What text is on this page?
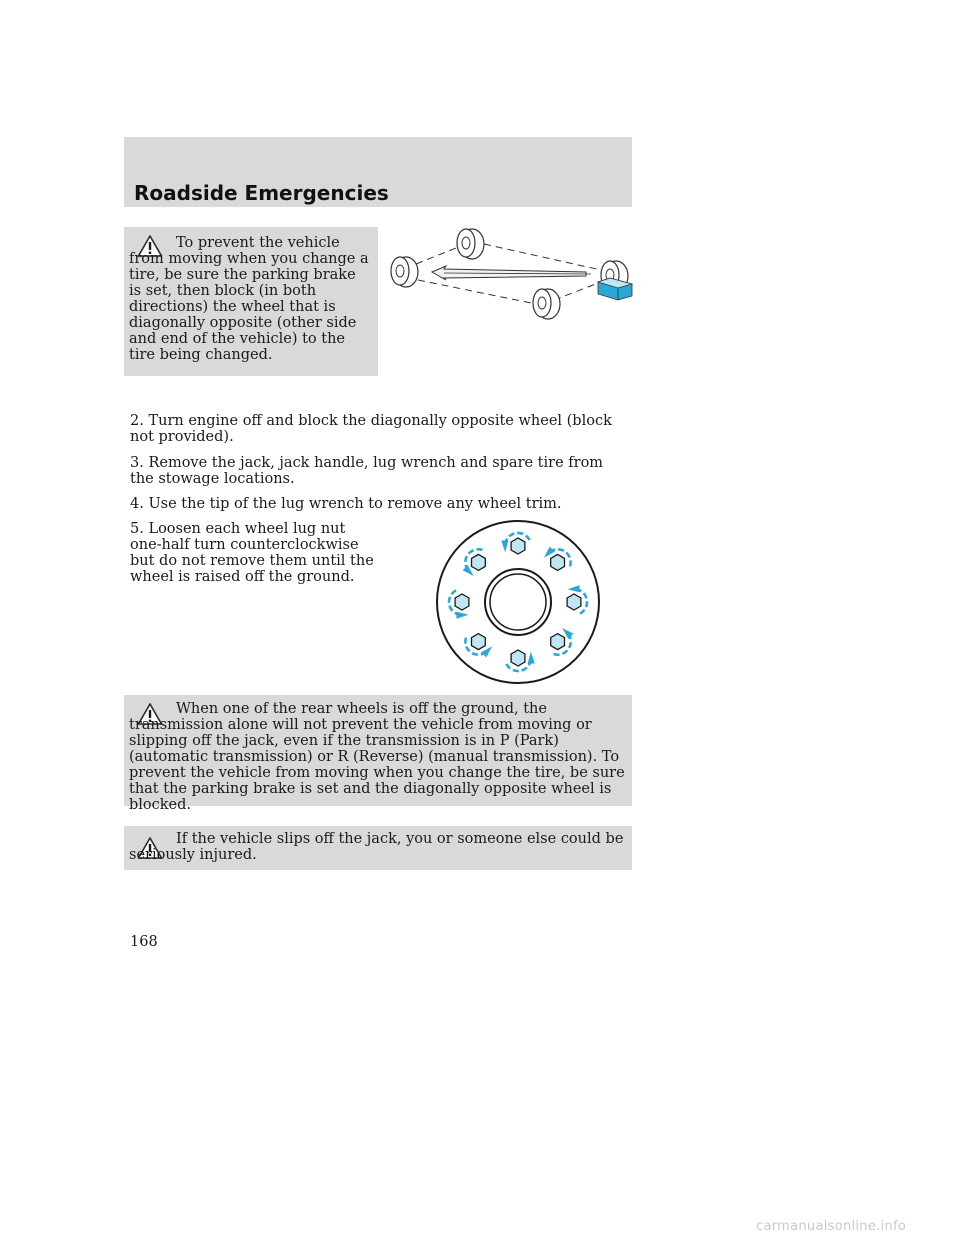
Roadside Emergencies

To prevent the vehicle from moving when you change a tire, be sure the parking brake is set, then block (in both directions) the wheel that is diagonally opposite (other side and end of the vehicle) to the tire being changed.

2. Turn engine off and block the diagonally opposite wheel (block not provided).

3. Remove the jack, jack handle, lug wrench and spare tire from the stowage locations.

4. Use the tip of the lug wrench to remove any wheel trim.

5. Loosen each wheel lug nut one-half turn counterclockwise but do not remove them until the wheel is raised off the ground.

When one of the rear wheels is off the ground, the transmission alone will not prevent the vehicle from moving or slipping off the jack, even if the transmission is in P (Park) (automatic transmission) or R (Reverse) (manual transmission). To prevent the vehicle from moving when you change the tire, be sure that the parking brake is set and the diagonally opposite wheel is blocked.

If the vehicle slips off the jack, you or someone else could be seriously injured.

168
carmanualsonline.info
